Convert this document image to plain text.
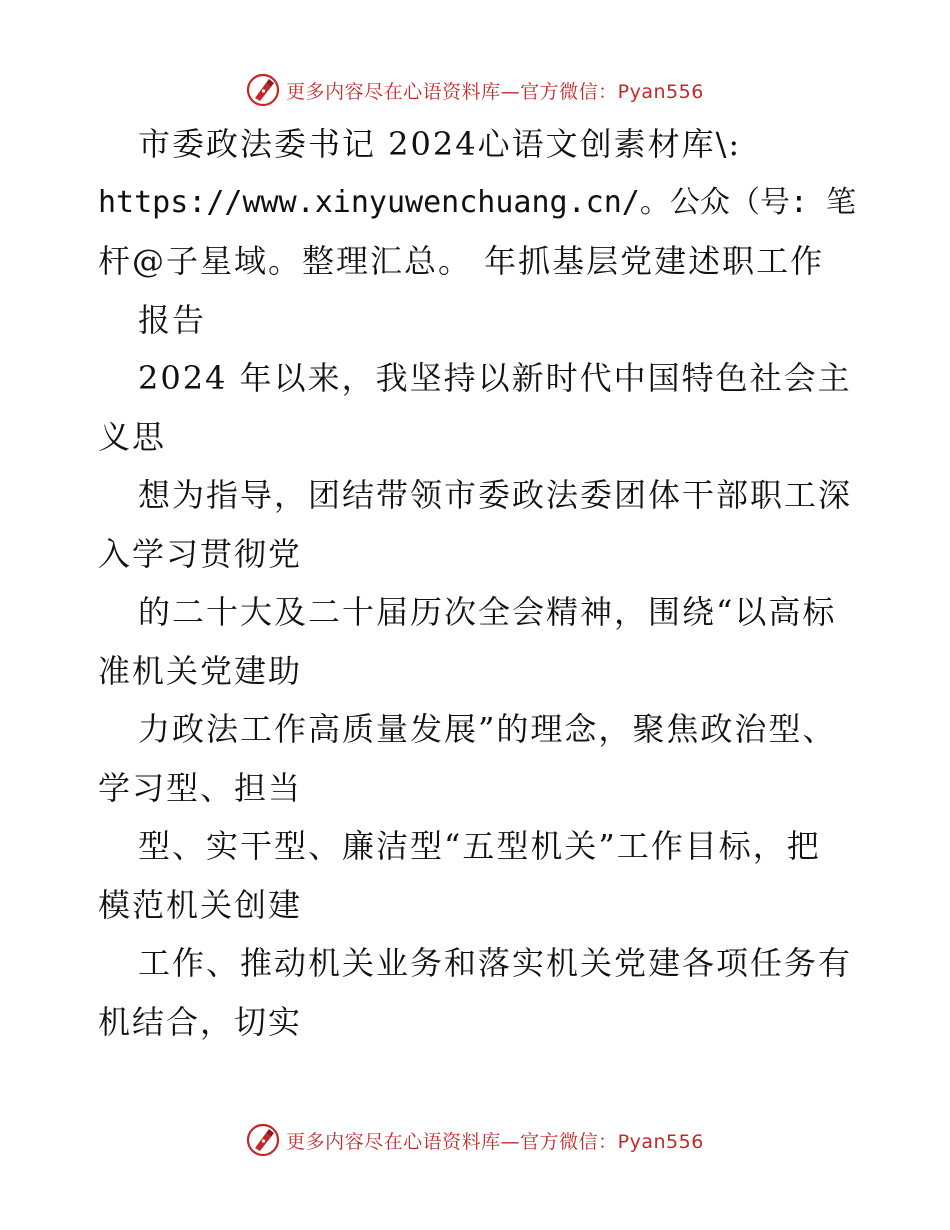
更多内容尽在心语资料库—官方微信：Pyan556
市委政法委书记 2024心语文创素材库\:
https://www.xinyuwenchuang.cn/。公众（号: 笔
杆@子星域。整理汇总。 年抓基层党建述职工作
报告
2024 年以来，我坚持以新时代中国特色社会主
义思
想为指导，团结带领市委政法委团体干部职工深
入学习贯彻党
的二十大及二十届历次全会精神，围绕“以高标
准机关党建助
力政法工作高质量发展”的理念，聚焦政治型、
学习型、担当
型、实干型、廉洁型“五型机关”工作目标，把
模范机关创建
工作、推动机关业务和落实机关党建各项任务有
机结合，切实
更多内容尽在心语资料库—官方微信：Pyan556
